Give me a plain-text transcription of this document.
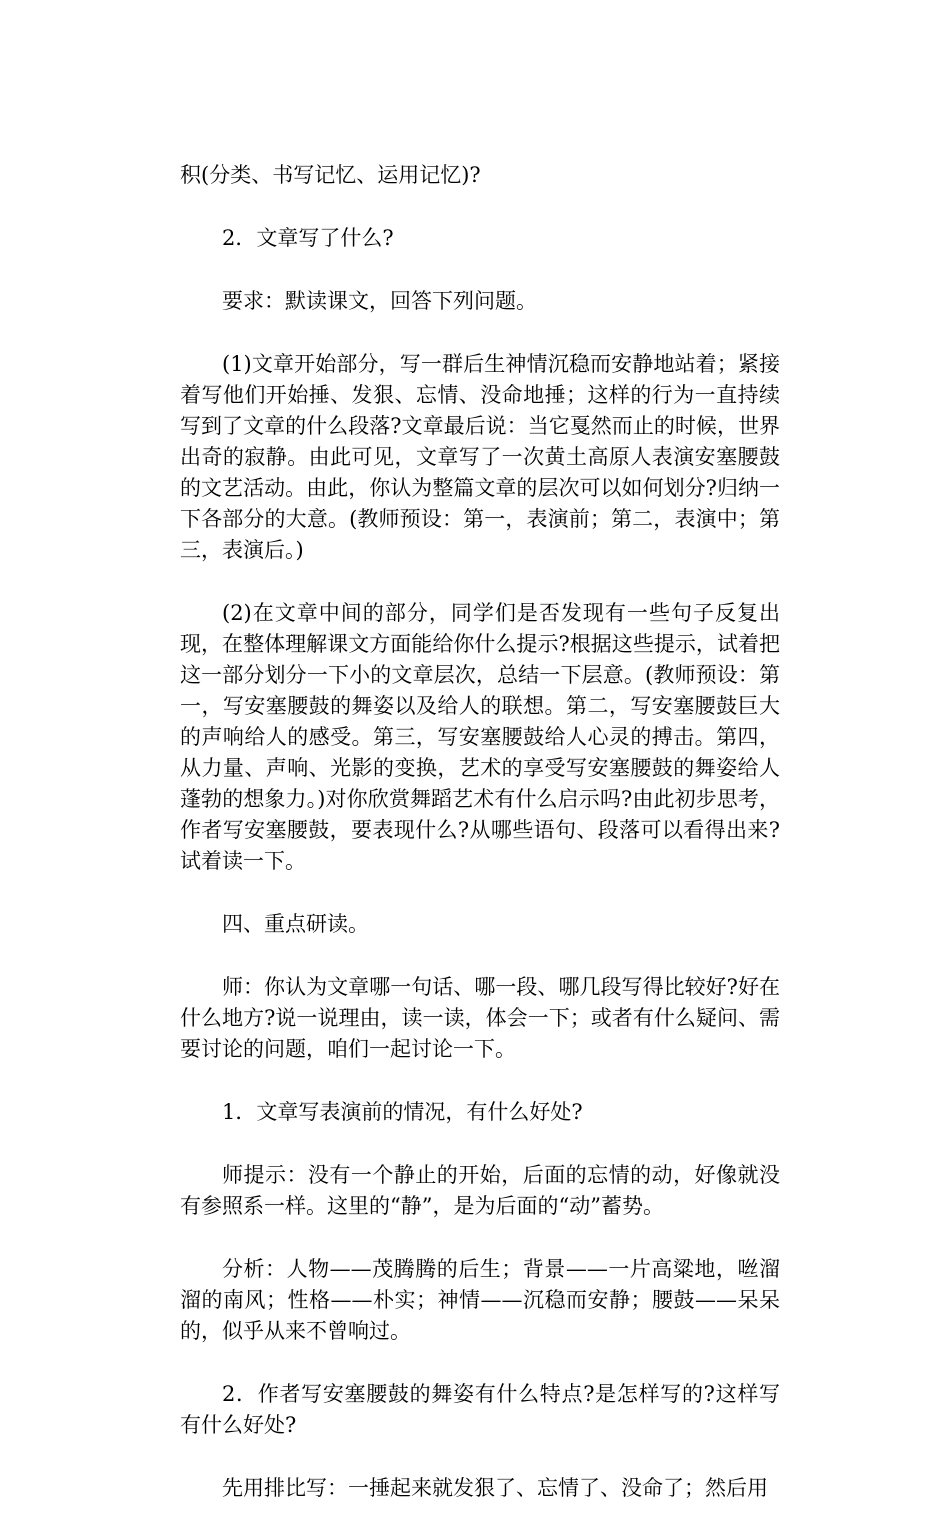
积(分类、书写记忆、运用记忆)?

2．文章写了什么?

要求：默读课文，回答下列问题。

(1)文章开始部分，写一群后生神情沉稳而安静地站着；紧接着写他们开始捶、发狠、忘情、没命地捶；这样的行为一直持续写到了文章的什么段落?文章最后说：当它戛然而止的时候，世界出奇的寂静。由此可见，文章写了一次黄土高原人表演安塞腰鼓的文艺活动。由此，你认为整篇文章的层次可以如何划分?归纳一下各部分的大意。(教师预设：第一，表演前；第二，表演中；第三，表演后。)

(2)在文章中间的部分，同学们是否发现有一些句子反复出现，在整体理解课文方面能给你什么提示?根据这些提示，试着把这一部分划分一下小的文章层次，总结一下层意。(教师预设：第一，写安塞腰鼓的舞姿以及给人的联想。第二，写安塞腰鼓巨大的声响给人的感受。第三，写安塞腰鼓给人心灵的搏击。第四，从力量、声响、光影的变换，艺术的享受写安塞腰鼓的舞姿给人蓬勃的想象力。)对你欣赏舞蹈艺术有什么启示吗?由此初步思考，作者写安塞腰鼓，要表现什么?从哪些语句、段落可以看得出来?试着读一下。

四、重点研读。

师：你认为文章哪一句话、哪一段、哪几段写得比较好?好在什么地方?说一说理由，读一读，体会一下；或者有什么疑问、需要讨论的问题，咱们一起讨论一下。

1．文章写表演前的情况，有什么好处?

师提示：没有一个静止的开始，后面的忘情的动，好像就没有参照系一样。这里的“静”，是为后面的“动”蓄势。

分析：人物——茂腾腾的后生；背景——一片高粱地，咝溜溜的南风；性格——朴实；神情——沉稳而安静；腰鼓——呆呆的，似乎从来不曾响过。

2．作者写安塞腰鼓的舞姿有什么特点?是怎样写的?这样写有什么好处?

先用排比写：一捶起来就发狠了、忘情了、没命了；然后用
